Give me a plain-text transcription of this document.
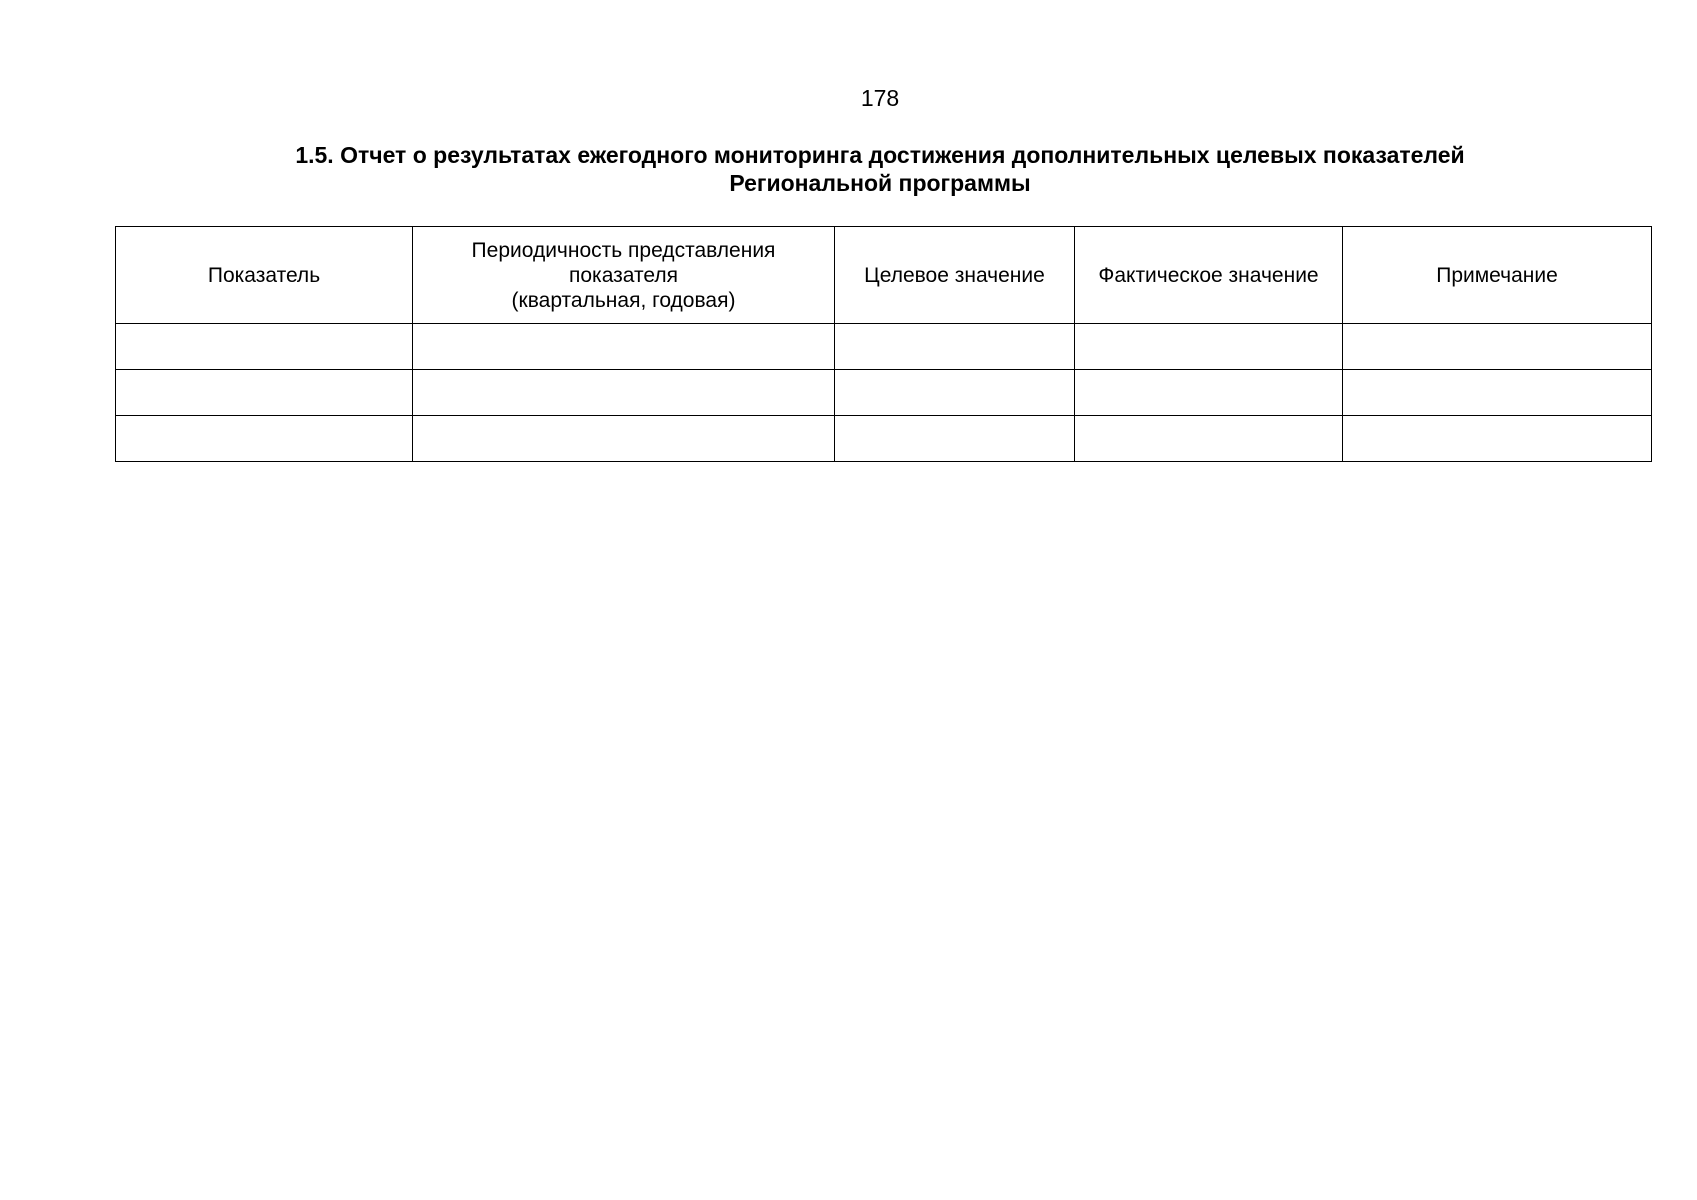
178
1.5. Отчет о результатах ежегодного мониторинга достижения дополнительных целевых показателей
Региональной программы
Показатель	Периодичность представления
показателя
(квартальная, годовая)	Целевое значение	Фактическое значение	Примечание
